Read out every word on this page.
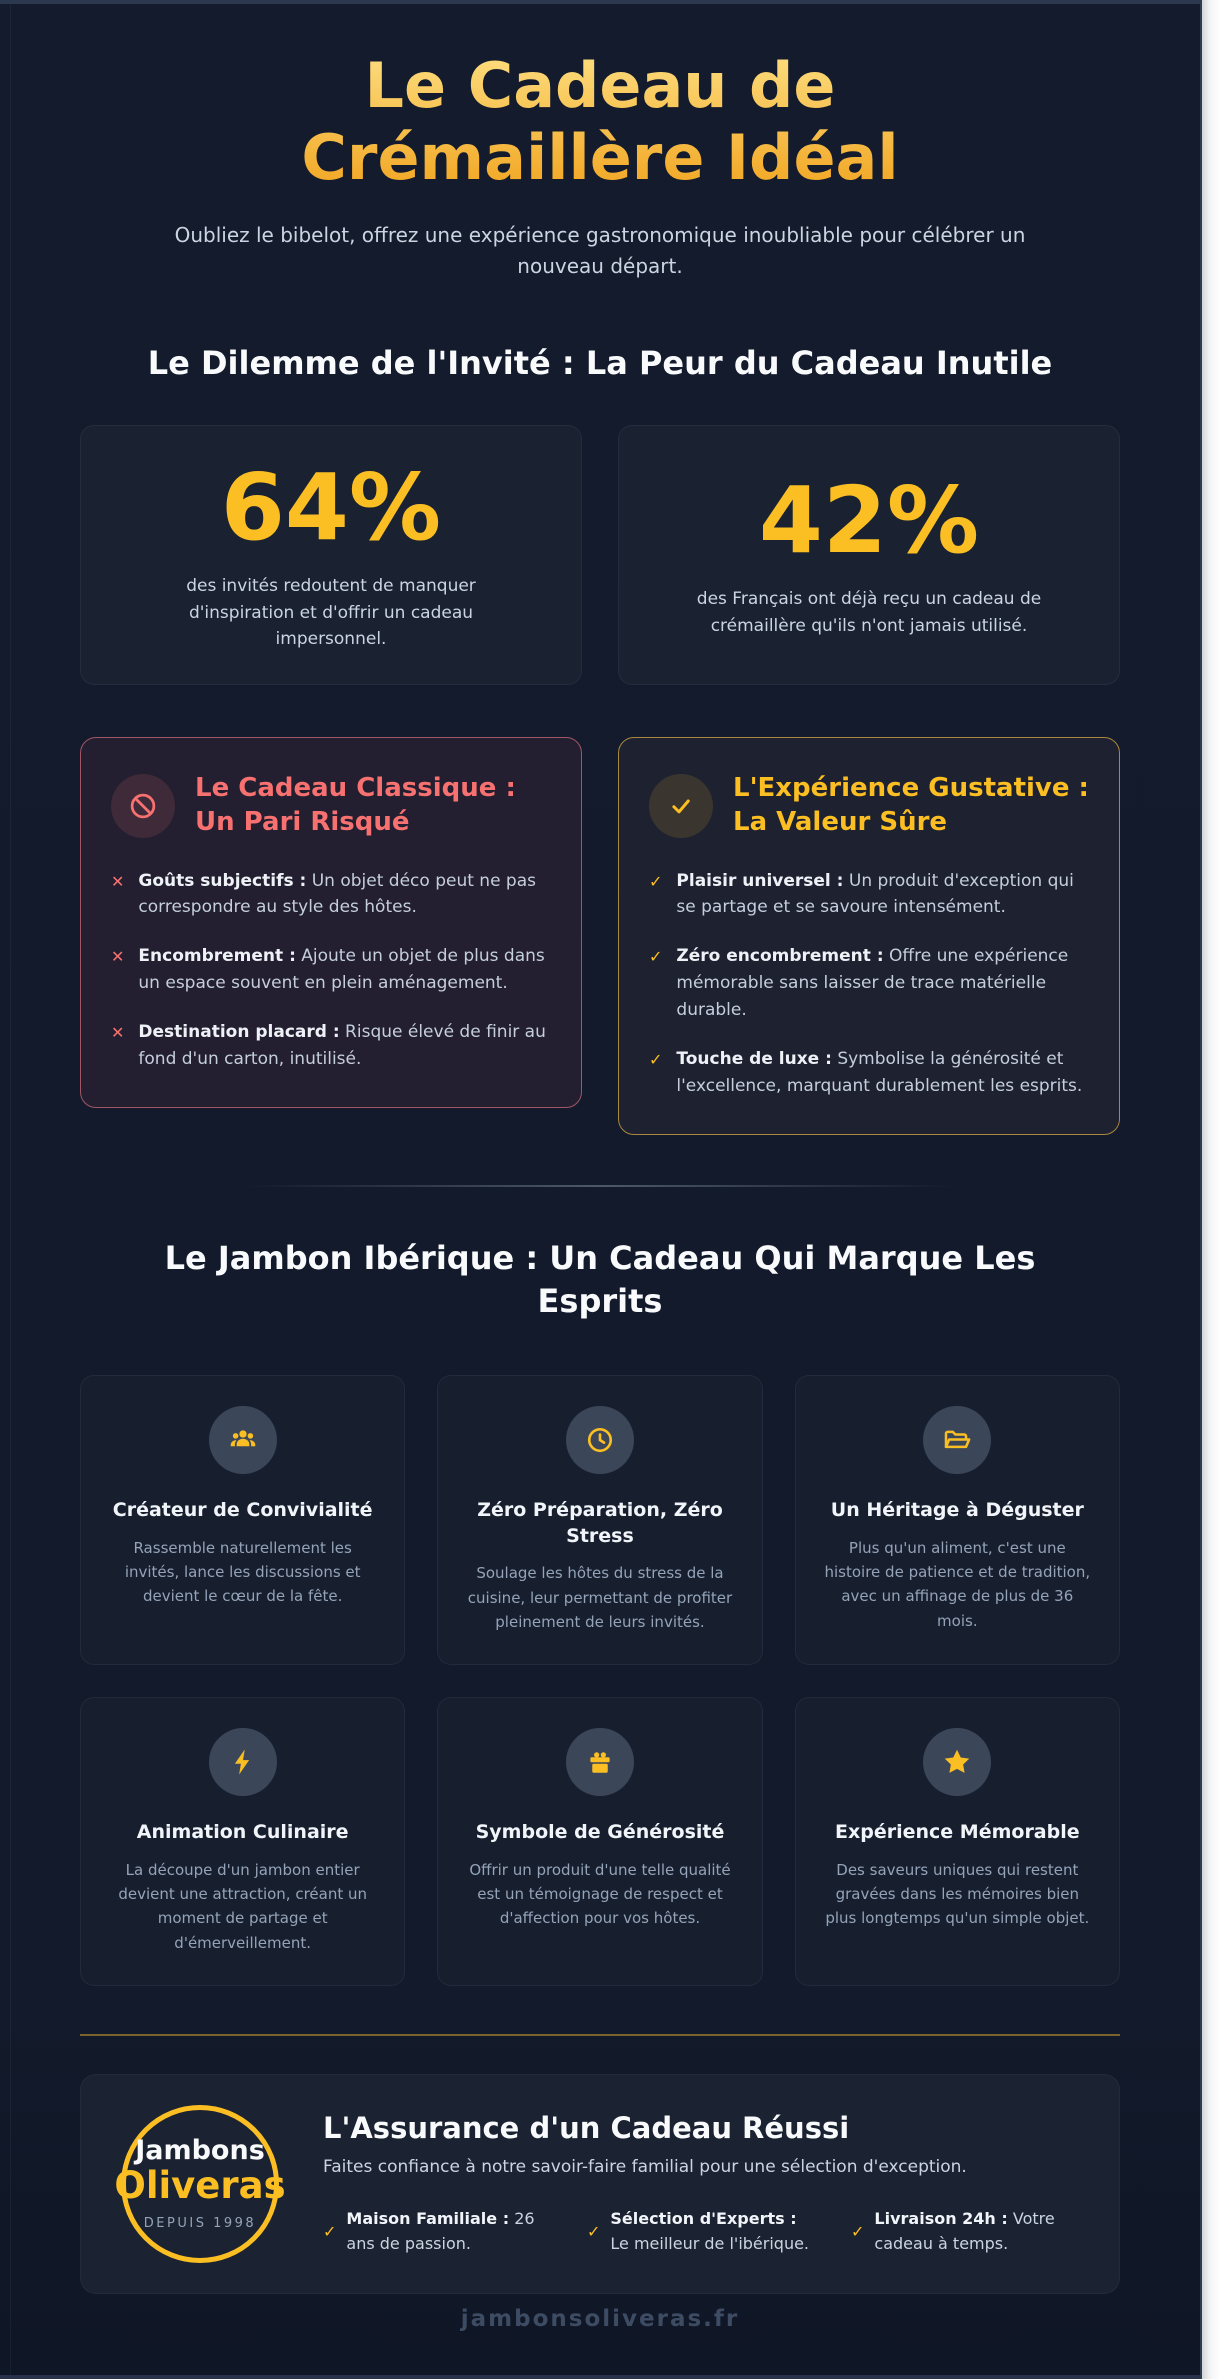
Le Cadeau de Crémaillère Idéal

Oubliez le bibelot, offrez une expérience gastronomique inoubliable pour célébrer un nouveau départ.

Le Dilemme de l'Invité : La Peur du Cadeau Inutile
64%

des invités redoutent de manquer d'inspiration et d'offrir un cadeau impersonnel.

42%

des Français ont déjà reçu un cadeau de crémaillère qu'ils n'ont jamais utilisé.

Le Cadeau Classique : Un Pari Risqué
✕ Goûts subjectifs : Un objet déco peut ne pas correspondre au style des hôtes.

✕ Encombrement : Ajoute un objet de plus dans un espace souvent en plein aménagement.

✕ Destination placard : Risque élevé de finir au fond d'un carton, inutilisé.

L'Expérience Gustative : La Valeur Sûre
✓ Plaisir universel : Un produit d'exception qui se partage et se savoure intensément.

✓ Zéro encombrement : Offre une expérience mémorable sans laisser de trace matérielle durable.

✓ Touche de luxe : Symbolise la générosité et l'excellence, marquant durablement les esprits.

Le Jambon Ibérique : Un Cadeau Qui Marque Les Esprits
Créateur de Convivialité

Rassemble naturellement les invités, lance les discussions et devient le cœur de la fête.

Zéro Préparation, Zéro Stress

Soulage les hôtes du stress de la cuisine, leur permettant de profiter pleinement de leurs invités.

Un Héritage à Déguster

Plus qu'un aliment, c'est une histoire de patience et de tradition, avec un affinage de plus de 36 mois.

Animation Culinaire

La découpe d'un jambon entier devient une attraction, créant un moment de partage et d'émerveillement.

Symbole de Générosité

Offrir un produit d'une telle qualité est un témoignage de respect et d'affection pour vos hôtes.

Expérience Mémorable

Des saveurs uniques qui restent gravées dans les mémoires bien plus longtemps qu'un simple objet.

Jambons
Oliveras
DEPUIS 1998
L'Assurance d'un Cadeau Réussi

Faites confiance à notre savoir-faire familial pour une sélection d'exception.

✓

Maison Familiale : 26 ans de passion.

✓

Sélection d'Experts : Le meilleur de l'ibérique.

✓

Livraison 24h : Votre cadeau à temps.

jambonsoliveras.fr
